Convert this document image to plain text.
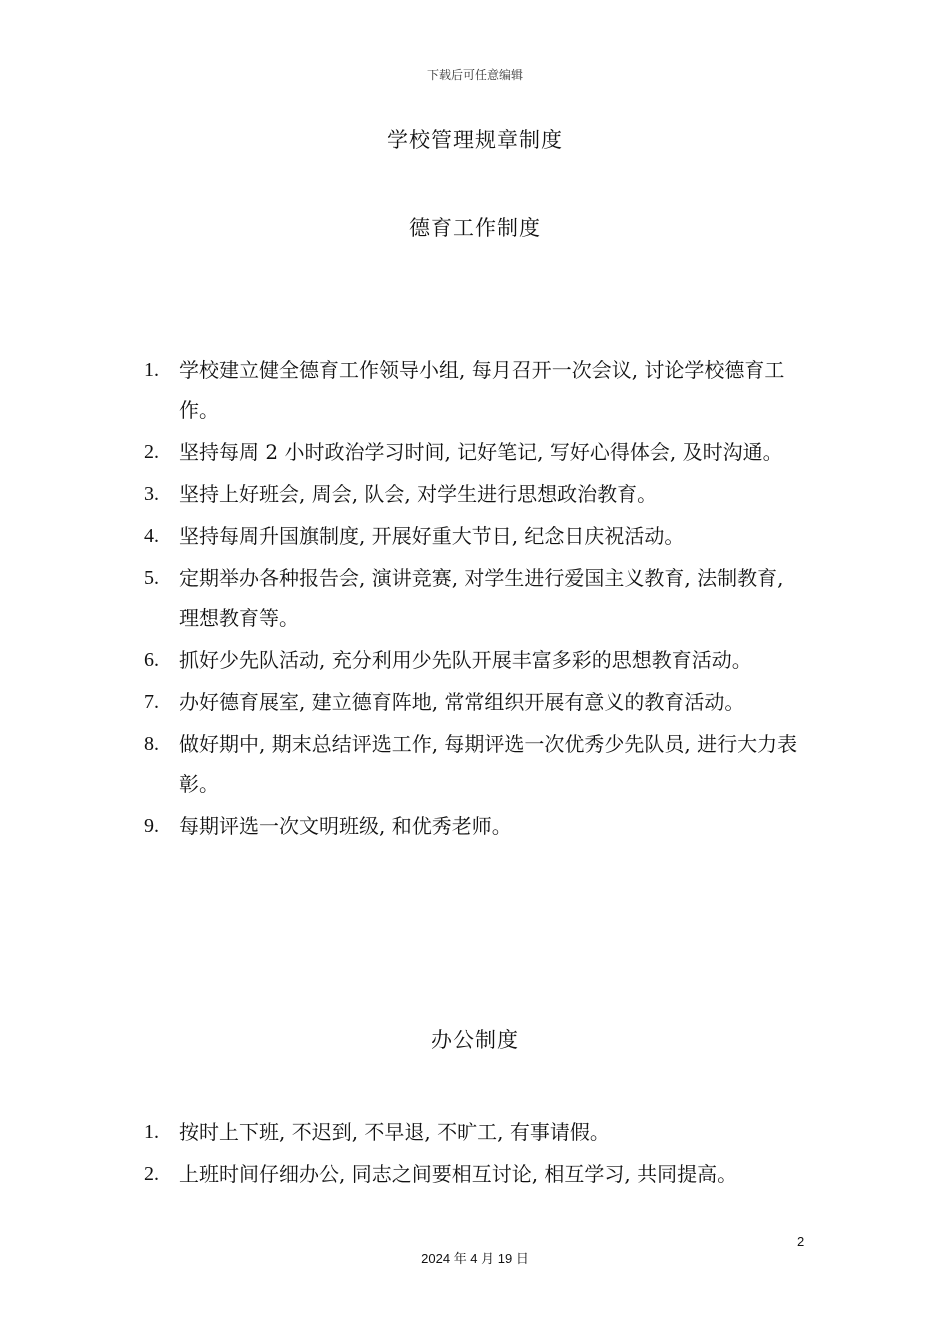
下载后可任意编辑
学校管理规章制度
德育工作制度
1.	学校建立健全德育工作领导小组, 每月召开一次会议, 讨论学校德育工作。
2.	坚持每周 2 小时政治学习时间, 记好笔记, 写好心得体会, 及时沟通。
3.	坚持上好班会, 周会, 队会, 对学生进行思想政治教育。
4.	坚持每周升国旗制度, 开展好重大节日, 纪念日庆祝活动。
5.	定期举办各种报告会, 演讲竞赛, 对学生进行爱国主义教育, 法制教育, 理想教育等。
6.	抓好少先队活动, 充分利用少先队开展丰富多彩的思想教育活动。
7.	办好德育展室, 建立德育阵地, 常常组织开展有意义的教育活动。
8.	做好期中, 期末总结评选工作, 每期评选一次优秀少先队员, 进行大力表彰。
9.	每期评选一次文明班级, 和优秀老师。
办公制度
1.	按时上下班, 不迟到, 不早退, 不旷工, 有事请假。
2.	上班时间仔细办公, 同志之间要相互讨论, 相互学习, 共同提高。
2
2024 年 4 月 19 日
